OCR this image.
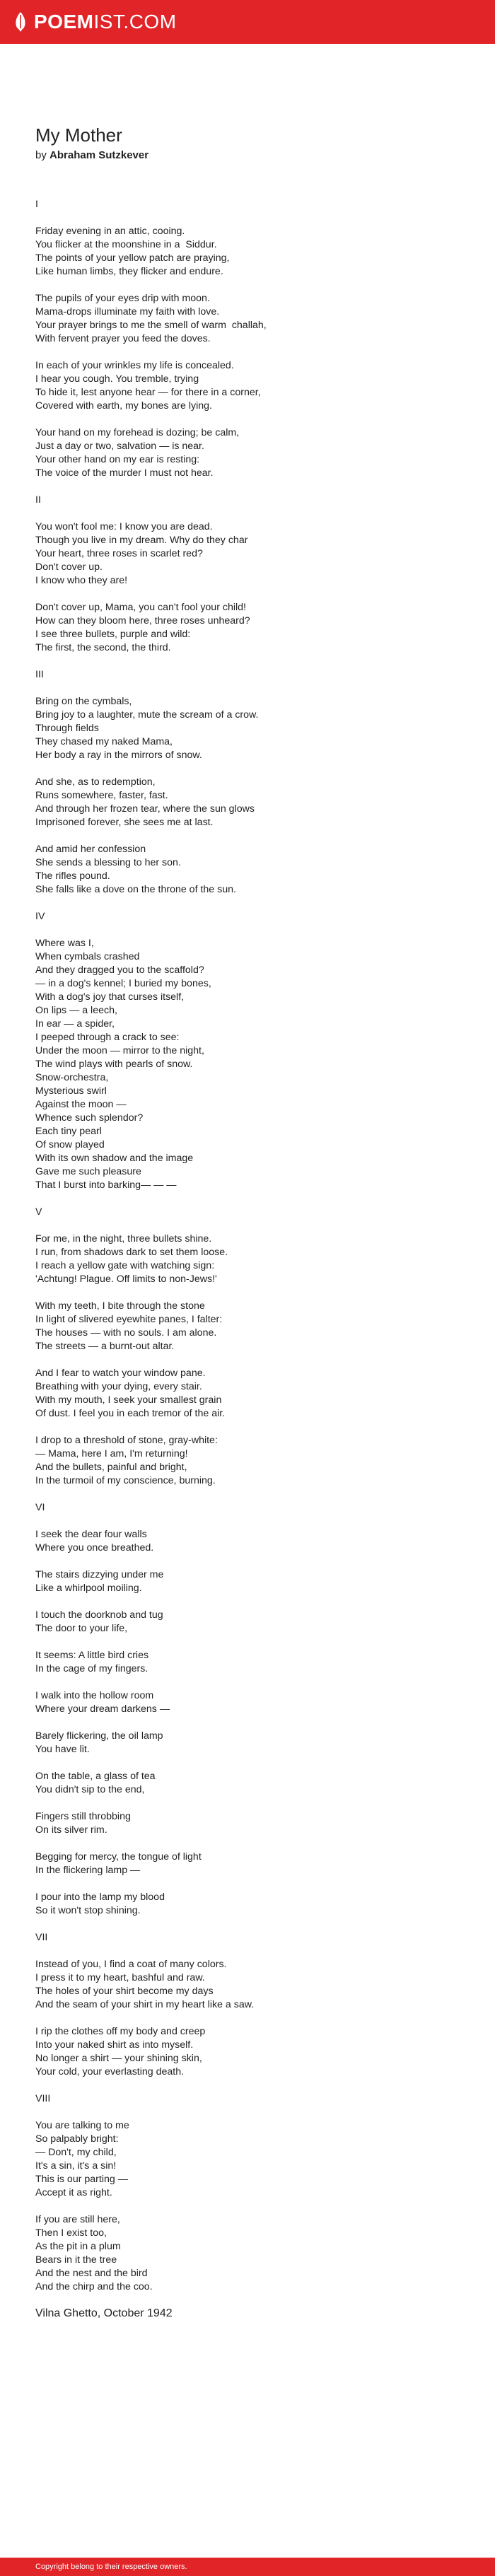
POEM IST.COM
My Mother
by Abraham Sutzkever
I
Friday evening in an attic, cooing.
You flicker at the moonshine in a  Siddur.
The points of your yellow patch are praying,
Like human limbs, they flicker and endure.
The pupils of your eyes drip with moon.
Mama-drops illuminate my faith with love.
Your prayer brings to me the smell of warm  challah,
With fervent prayer you feed the doves.
In each of your wrinkles my life is concealed.
I hear you cough. You tremble, trying
To hide it, lest anyone hear — for there in a corner,
Covered with earth, my bones are lying.
Your hand on my forehead is dozing; be calm,
Just a day or two, salvation — is near.
Your other hand on my ear is resting:
The voice of the murder I must not hear.
II
You won't fool me: I know you are dead.
Though you live in my dream. Why do they char
Your heart, three roses in scarlet red?
Don't cover up.
I know who they are!
Don't cover up, Mama, you can't fool your child!
How can they bloom here, three roses unheard?
I see three bullets, purple and wild:
The first, the second, the third.
III
Bring on the cymbals,
Bring joy to a laughter, mute the scream of a crow.
Through fields
They chased my naked Mama,
Her body a ray in the mirrors of snow.
And she, as to redemption,
Runs somewhere, faster, fast.
And through her frozen tear, where the sun glows
Imprisoned forever, she sees me at last.
And amid her confession
She sends a blessing to her son.
The rifles pound.
She falls like a dove on the throne of the sun.
IV
Where was I,
When cymbals crashed
And they dragged you to the scaffold?
— in a dog's kennel; I buried my bones,
With a dog's joy that curses itself,
On lips — a leech,
In ear — a spider,
I peeped through a crack to see:
Under the moon — mirror to the night,
The wind plays with pearls of snow.
Snow-orchestra,
Mysterious swirl
Against the moon —
Whence such splendor?
Each tiny pearl
Of snow played
With its own shadow and the image
Gave me such pleasure
That I burst into barking— — —
V
For me, in the night, three bullets shine.
I run, from shadows dark to set them loose.
I reach a yellow gate with watching sign:
'Achtung! Plague. Off limits to non-Jews!'
With my teeth, I bite through the stone
In light of slivered eyewhite panes, I falter:
The houses — with no souls. I am alone.
The streets — a burnt-out altar.
And I fear to watch your window pane.
Breathing with your dying, every stair.
With my mouth, I seek your smallest grain
Of dust. I feel you in each tremor of the air.
I drop to a threshold of stone, gray-white:
— Mama, here I am, I'm returning!
And the bullets, painful and bright,
In the turmoil of my conscience, burning.
VI
I seek the dear four walls
Where you once breathed.
The stairs dizzying under me
Like a whirlpool moiling.
I touch the doorknob and tug
The door to your life,
It seems: A little bird cries
In the cage of my fingers.
I walk into the hollow room
Where your dream darkens —
Barely flickering, the oil lamp
You have lit.
On the table, a glass of tea
You didn't sip to the end,
Fingers still throbbing
On its silver rim.
Begging for mercy, the tongue of light
In the flickering lamp —
I pour into the lamp my blood
So it won't stop shining.
VII
Instead of you, I find a coat of many colors.
I press it to my heart, bashful and raw.
The holes of your shirt become my days
And the seam of your shirt in my heart like a saw.
I rip the clothes off my body and creep
Into your naked shirt as into myself.
No longer a shirt — your shining skin,
Your cold, your everlasting death.
VIII
You are talking to me
So palpably bright:
— Don't, my child,
It's a sin, it's a sin!
This is our parting —
Accept it as right.
If you are still here,
Then I exist too,
As the pit in a plum
Bears in it the tree
And the nest and the bird
And the chirp and the coo.
Vilna Ghetto, October 1942
Copyright belong to their respective owners.
